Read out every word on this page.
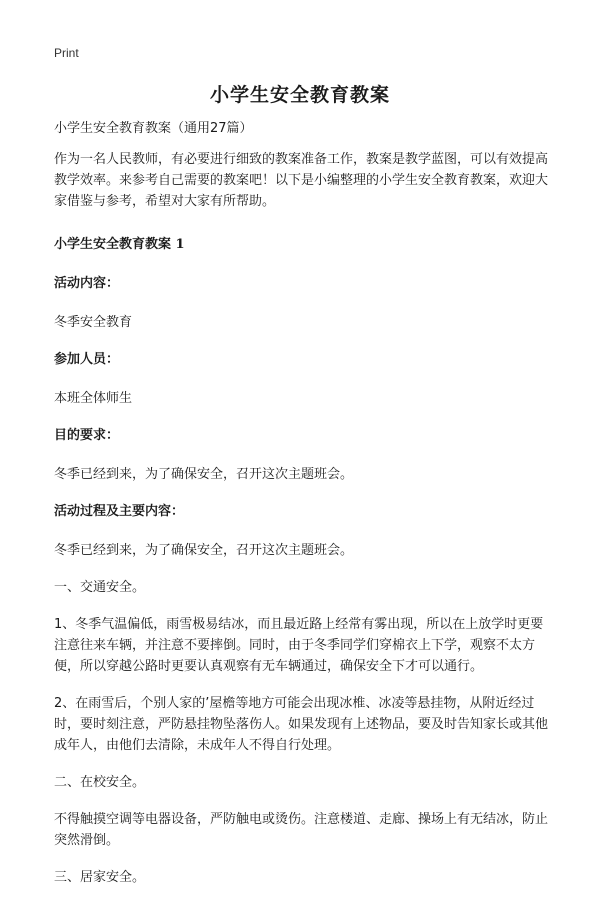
Print
小学生安全教育教案

小学生安全教育教案（通用27篇）

作为一名人民教师，有必要进行细致的教案准备工作，教案是教学蓝图，可以有效提高教学效率。来参考自己需要的教案吧！以下是小编整理的小学生安全教育教案，欢迎大家借鉴与参考，希望对大家有所帮助。

小学生安全教育教案 1

活动内容：

冬季安全教育

参加人员：

本班全体师生

目的要求：

冬季已经到来，为了确保安全，召开这次主题班会。

活动过程及主要内容：

冬季已经到来，为了确保安全，召开这次主题班会。

一、交通安全。

1、冬季气温偏低，雨雪极易结冰，而且最近路上经常有雾出现，所以在上放学时更要注意往来车辆，并注意不要摔倒。同时，由于冬季同学们穿棉衣上下学，观察不太方便，所以穿越公路时更要认真观察有无车辆通过，确保安全下才可以通行。

2、在雨雪后，个别人家的’屋檐等地方可能会出现冰椎、冰凌等悬挂物，从附近经过时，要时刻注意，严防悬挂物坠落伤人。如果发现有上述物品，要及时告知家长或其他成年人，由他们去清除，未成年人不得自行处理。

二、在校安全。

不得触摸空调等电器设备，严防触电或烫伤。注意楼道、走廊、操场上有无结冰，防止突然滑倒。

三、居家安全。
